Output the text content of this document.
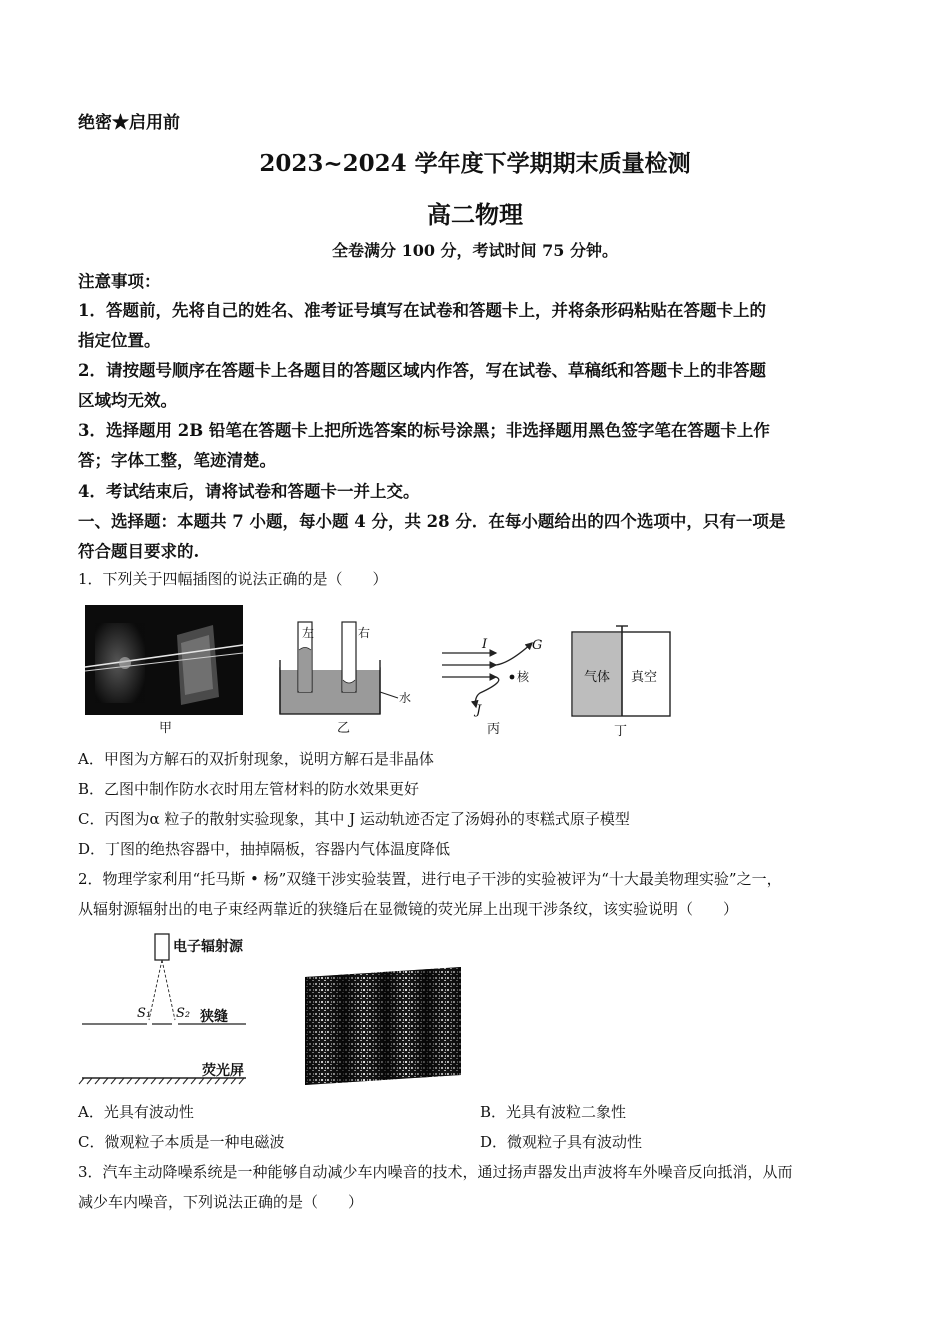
绝密★启用前
2023~2024 学年度下学期期末质量检测
高二物理
全卷满分 100 分，考试时间 75 分钟。
注意事项：
1．答题前，先将自己的姓名、准考证号填写在试卷和答题卡上，并将条形码粘贴在答题卡上的
指定位置。
2．请按题号顺序在答题卡上各题目的答题区域内作答，写在试卷、草稿纸和答题卡上的非答题
区域均无效。
3．选择题用 2B 铅笔在答题卡上把所选答案的标号涂黑；非选择题用黑色签字笔在答题卡上作
答；字体工整，笔迹清楚。
4．考试结束后，请将试卷和答题卡一并上交。
一、选择题：本题共 7 小题，每小题 4 分，共 28 分．在每小题给出的四个选项中，只有一项是
符合题目要求的.
1．下列关于四幅插图的说法正确的是（　　）
甲
左	右
水
乙
I	G
核
J
丙
气体 真空
丁
A．甲图为方解石的双折射现象，说明方解石是非晶体
B．乙图中制作防水衣时用左管材料的防水效果更好
C．丙图为α 粒子的散射实验现象，其中 J 运动轨迹否定了汤姆孙的枣糕式原子模型
D．丁图的绝热容器中，抽掉隔板，容器内气体温度降低
2．物理学家利用“托马斯 • 杨”双缝干涉实验装置，进行电子干涉的实验被评为“十大最美物理实验”之一，
从辐射源辐射出的电子束经两靠近的狭缝后在显微镜的荧光屏上出现干涉条纹，该实验说明（　　）
电子辐射源
S₁ S₂ 狭缝
荧光屏
A．光具有波动性	B．光具有波粒二象性
C．微观粒子本质是一种电磁波	D．微观粒子具有波动性
3．汽车主动降噪系统是一种能够自动减少车内噪音的技术，通过扬声器发出声波将车外噪音反向抵消，从而
减少车内噪音，下列说法正确的是（　　）
